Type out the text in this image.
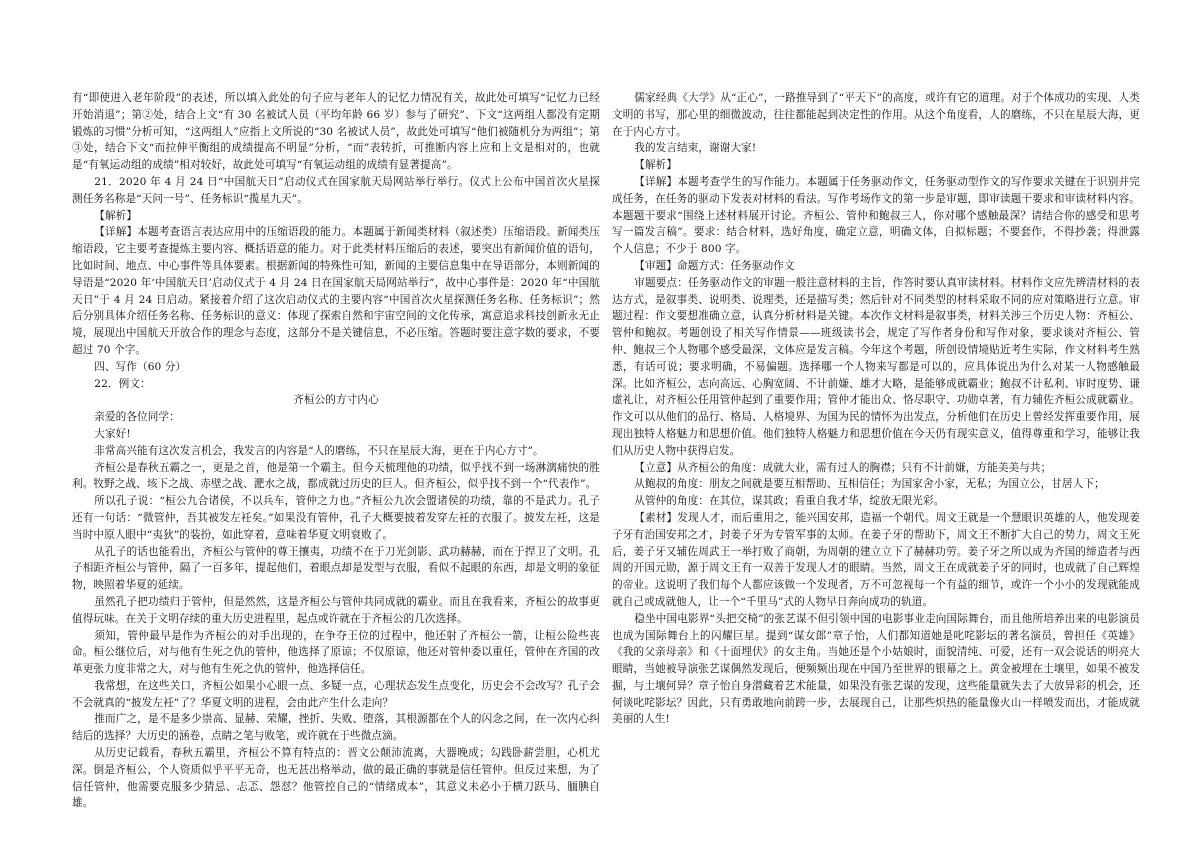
有“即使进入老年阶段”的表述，所以填入此处的句子应与老年人的记忆力情况有关，故此处可填写“记忆力已经开始消退”；第②处，结合上文“有 30 名被试人员（平均年龄 66 岁）参与了研究”、下文“这两组人都没有定期锻炼的习惯”分析可知，“这两组人”应指上文所说的“30 名被试人员”，故此处可填写“他们被随机分为两组”；第③处，结合下文“而拉伸平衡组的成绩提高不明显”分析，“而”表转折，可推断内容上应和上文是相对的，也就是“有氧运动组的成绩”相对较好，故此处可填写“有氧运动组的成绩有显著提高”。

21．2020 年 4 月 24 日“中国航天日”启动仪式在国家航天局网站举行举行。仪式上公布中国首次火星探测任务名称是“天问一号”、任务标识“揽星九天”。

【解析】

【详解】本题考查语言表达应用中的压缩语段的能力。本题属于新闻类材料（叙述类）压缩语段。新闻类压缩语段，它主要考查提炼主要内容、概括语意的能力。对于此类材料压缩后的表述，要突出有新闻价值的语句，比如时间、地点、中心事件等具体要素。根据新闻的特殊性可知，新闻的主要信息集中在导语部分，本则新闻的导语是“2020 年‘中国航天日’启动仪式于 4 月 24 日在国家航天局网站举行”，故中心事件是：2020 年“中国航天日”于 4 月 24 日启动。紧接着介绍了这次启动仪式的主要内容“中国首次火星探测任务名称、任务标识”；然后分别具体介绍任务名称、任务标识的意义：体现了探索自然和宇宙空间的文化传承，寓意追求科技创新永无止境，展现出中国航天开放合作的理念与态度，这部分不是关键信息，不必压缩。答题时要注意字数的要求，不要超过 70 个字。

四、写作（60 分）

22．例文：

齐桓公的方寸内心

亲爱的各位同学：

大家好!

非常高兴能有这次发言机会，我发言的内容是“人的磨练，不只在星辰大海，更在于内心方寸”。

齐桓公是春秋五霸之一，更是之首，他是第一个霸主。但今天梳理他的功绩，似乎找不到一场淋漓痛快的胜利。牧野之战、垓下之战、赤壁之战、淝水之战，都成就过历史的巨人。但齐桓公，似乎找不到一个“代表作”。

所以孔子说：“桓公九合诸侯，不以兵车，管仲之力也。”齐桓公九次会盟诸侯的功绩，靠的不是武力。孔子还有一句话：“微管仲，吾其被发左衽矣。”如果没有管仲，孔子大概要披着发穿左衽的衣服了。披发左衽，这是当时中原人眼中“夷狄”的装扮，如此穿着，意味着华夏文明衰败了。

从孔子的话也能看出，齐桓公与管仲的尊王攘夷，功绩不在于刀光剑影、武功赫赫，而在于捍卫了文明。孔子相距齐桓公与管仲，隔了一百多年，提起他们，着眼点却是发型与衣服，看似不起眼的东西，却是文明的象征物，映照着华夏的延续。

虽然孔子把功绩归于管仲，但是然然，这是齐桓公与管仲共同成就的霸业。而且在我看来，齐桓公的故事更值得玩味。在关于文明存续的重大历史进程里，起点或许就在于齐桓公的几次选择。

须知，管仲最早是作为齐桓公的对手出现的，在争夺王位的过程中，他还射了齐桓公一箭，让桓公险些丧命。桓公继位后，对与他有生死之仇的管仲，他选择了原谅；不仅原谅，他还对管仲委以重任，管仲在齐国的改革更张力度非常之大，对与他有生死之仇的管仲，他选择信任。

我常想，在这些关口，齐桓公如果小心眼一点、多疑一点，心理状态发生点变化，历史会不会改写？孔子会不会就真的“披发左衽”了？华夏文明的进程，会由此产生什么走向？

推而广之，是不是多少崇高、显赫、荣耀，挫折、失败、堕落，其根源都在个人的闪念之间，在一次内心纠结后的选择？大历史的涵卷，点睛之笔与败笔，或许就在于些微点滴。

从历史记载看，春秋五霸里，齐桓公不算有特点的：晋文公颠沛流离，大器晚成；勾践卧薪尝胆，心机尤深。倒是齐桓公，个人资质似乎平平无奇，也无甚出格举动，做的最正确的事就是信任管仲。但反过来想，为了信任管仲，他需要克服多少猜忌、忐忑、怨怼？他管控自己的“情绪成本”，其意义未必小于横刀跃马、腼腆自雄。

儒家经典《大学》从“正心”，一路推导到了“平天下”的高度，或许有它的道理。对于个体成功的实现、人类文明的书写，那心里的细微波动，往往都能起到决定性的作用。从这个角度看，人的磨练，不只在星辰大海，更在于内心方寸。

我的发言结束，谢谢大家!

【解析】

【详解】本题考查学生的写作能力。本题属于任务驱动作文，任务驱动型作文的写作要求关键在于识别并完成任务，在任务的驱动下发表对材料的看法。写作考场作文的第一步是审题，即审读题干要求和审读材料内容。本题题干要求“围绕上述材料展开讨论。齐桓公、管仲和鲍叔三人，你对哪个感触最深？请结合你的感受和思考写一篇发言稿”。要求：结合材料，选好角度，确定立意，明确文体，自拟标题；不要套作，不得抄袭；得泄露个人信息；不少于 800 字。

【审题】命题方式：任务驱动作文

审题要点：任务驱动作文的审题一般注意材料的主旨，作答时要认真审读材料。材料作文应先辨清材料的表达方式，是叙事类、说明类、说理类，还是描写类；然后针对不同类型的材料采取不同的应对策略进行立意。审题过程：作文要想准确立意，认真分析材料是关键。本次作文材料是叙事类，材料关涉三个历史人物：齐桓公、管仲和鲍叔。考题创设了相关写作情景——班级读书会，规定了写作者身份和写作对象，要求谈对齐桓公、管仲、鲍叔三个人物哪个感受最深，文体应是发言稿。今年这个考题，所创设情境贴近考生实际，作文材料考生熟悉，有话可说；要求明确，不易偏题。选择哪一个人物来写都是可以的，应具体说出为什么对某一人物感触最深。比如齐桓公，志向高远、心胸宽阔、不计前嫌、雄才大略，是能够成就霸业；鲍叔不计私利、审时度势、谦虚礼让，对齐桓公任用管仲起到了重要作用；管仲才能出众、恪尽职守、功勋卓著，有力辅佐齐桓公成就霸业。作文可以从他们的品行、格局、人格境界、为国为民的情怀为出发点，分析他们在历史上曾经发挥重要作用，展现出独特人格魅力和思想价值。他们独特人格魅力和思想价值在今天仍有现实意义，值得尊重和学习，能够让我们从历史人物中获得启发。

【立意】从齐桓公的角度：成就大业，需有过人的胸襟；只有不计前嫌，方能美美与共；

从鲍叔的角度：朋友之间就是要互相帮助、互相信任；为国家舍小家，无私；为国立公，甘居人下；

从管仲的角度：在其位，谋其政；看重自我才华，绽放无限光彩。

【素材】发现人才，而后重用之，能兴国安邦，造福一个朝代。周文王就是一个慧眼识英雄的人，他发现姜子牙有治国安邦之才，封姜子牙为专管军事的太师。在姜子牙的帮助下，周文王不断扩大自己的势力，周文王死后，姜子牙又辅佐周武王一举打败了商朝，为周朝的建立立下了赫赫功劳。姜子牙之所以成为齐国的缔造者与西周的开国元勋，源于周文王有一双善于发现人才的眼睛。当然，周文王在成就姜子牙的同时，也成就了自己辉煌的帝业。这说明了我们每个人都应该做一个发现者，万不可忽视每一个有益的细节，或许一个小小的发现就能成就自己或成就他人，让一个“千里马”式的人物早日奔向成功的轨道。

稳坐中国电影界“头把交椅”的张艺谋不但引领中国的电影事业走向国际舞台，而且他所培养出来的电影演员也成为国际舞台上的闪耀巨星。提到“谋女郎”章子怡，人们都知道她是叱咤影坛的著名演员，曾担任《英雄》《我的父亲母亲》和《十面埋伏》的女主角。当她还是个小姑娘时，面貌清纯、可爱，还有一双会说话的明亮大眼睛，当她被导演张艺谋偶然发现后，便频频出现在中国乃至世界的银幕之上。黄金被埋在土壤里，如果不被发掘，与土壤何异？章子怡自身潜藏着艺术能量，如果没有张艺谋的发现，这些能量就失去了大放异彩的机会，还何谈叱咤影坛？因此，只有勇敢地向前跨一步，去展现自己，让那些炽热的能量像火山一样喷发而出，才能成就美丽的人生!
